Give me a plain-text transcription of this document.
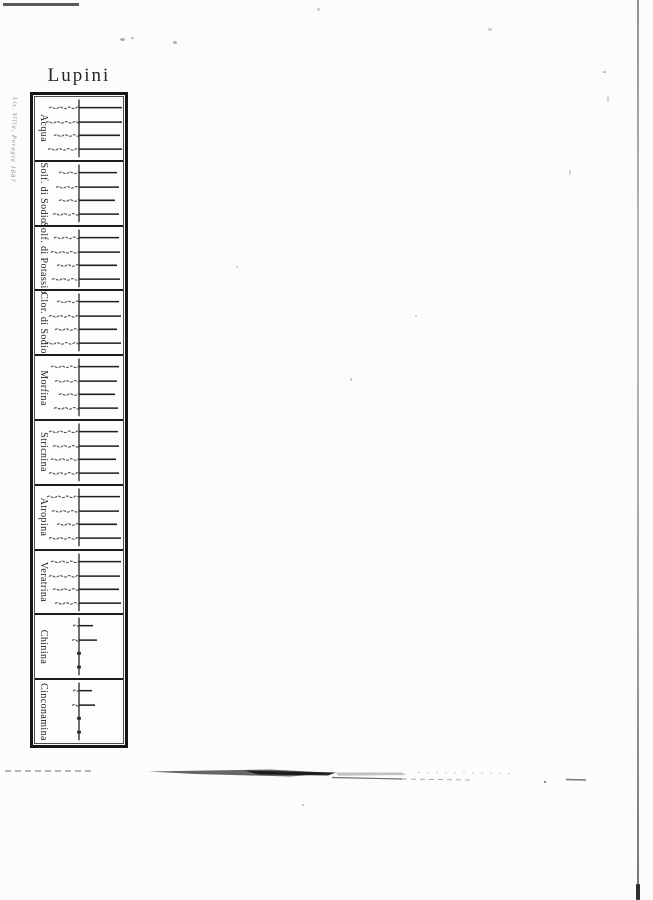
Lupini
Lit. Villa, Perugia 1887 Acqua
Solf. di Sodio
Solf. di Potassio
Clor. di Sodio
Morfina
Stricnina
Atropina
Veratrina
Chinina
Cinconamina
